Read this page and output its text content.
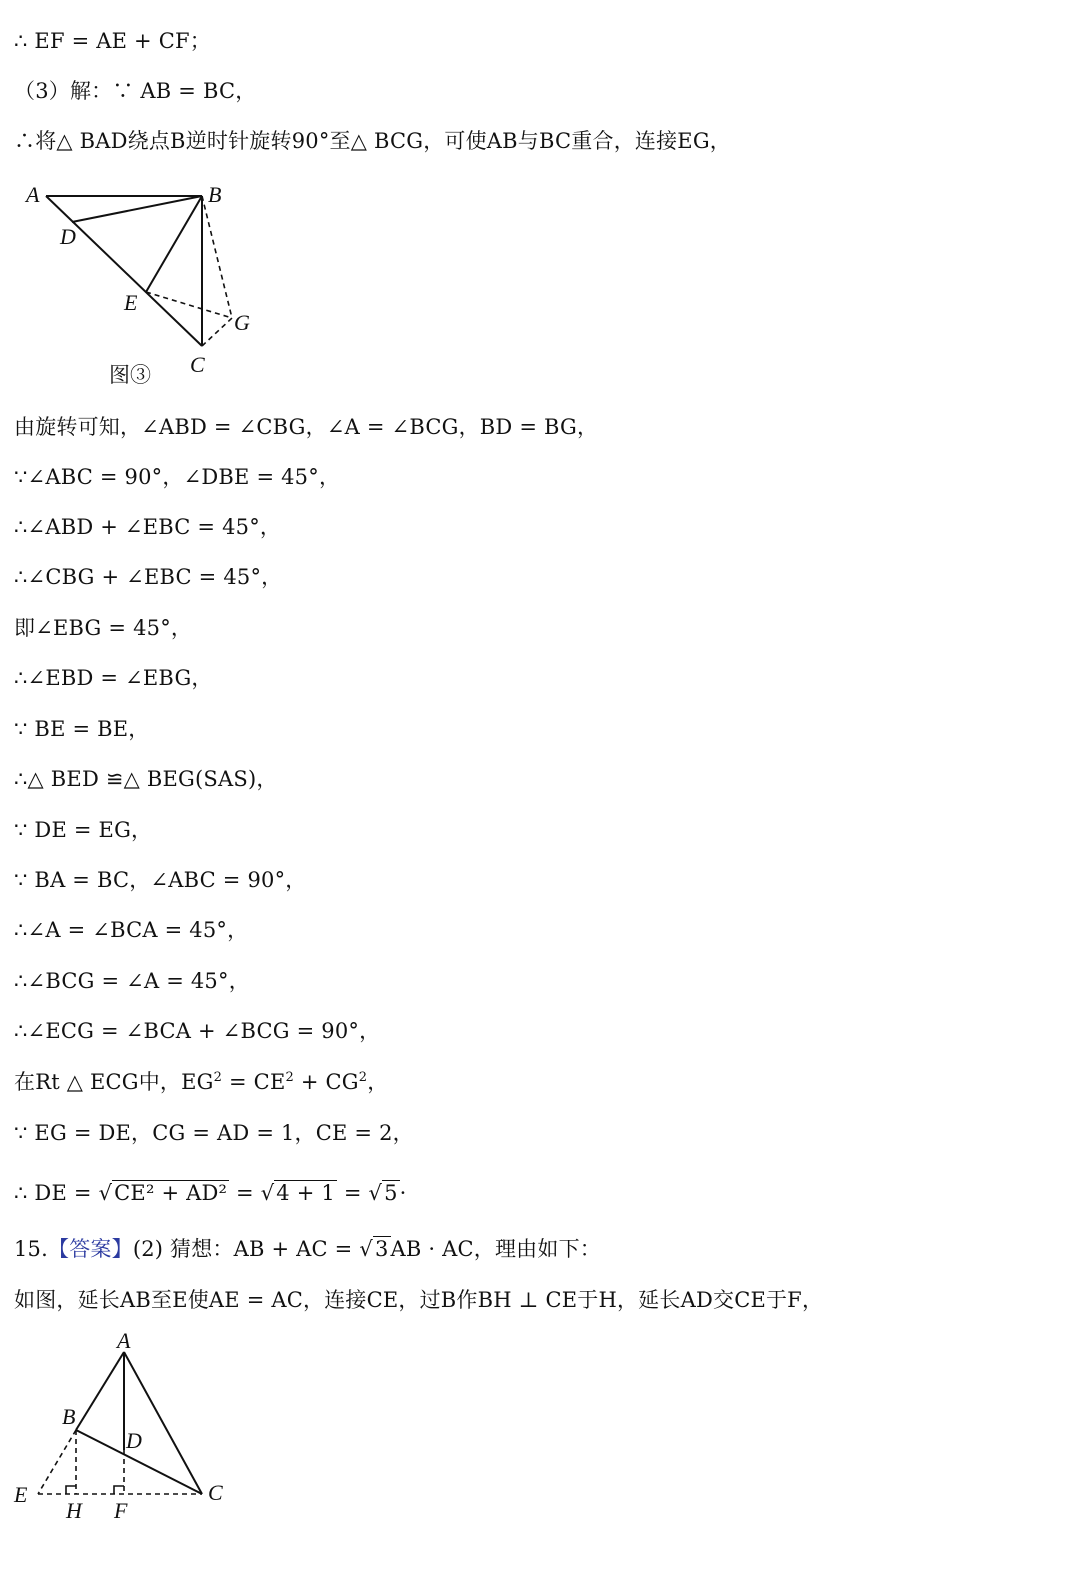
∴ EF = AE + CF；
（3）解：∵ AB = BC，
∴将△ BAD绕点B逆时针旋转90°至△ BCG，可使AB与BC重合，连接EG，
A	B
D
E
G
C
图③
由旋转可知，∠ABD = ∠CBG，∠A = ∠BCG，BD = BG，
∵∠ABC = 90°，∠DBE = 45°，
∴∠ABD + ∠EBC = 45°，
∴∠CBG + ∠EBC = 45°，
即∠EBG = 45°，
∴∠EBD = ∠EBG，
∵ BE = BE，
∴△ BED ≌△ BEG(SAS)，
∵ DE = EG，
∵ BA = BC，∠ABC = 90°，
∴∠A = ∠BCA = 45°，
∴∠BCG = ∠A = 45°，
∴∠ECG = ∠BCA + ∠BCG = 90°，
在Rt △ ECG中，$EG^2 = CE^2 + CG^2$，
∵ EG = DE，CG = AD = 1，CE = 2，
∴ DE = √CE² + AD² = √4 + 1 = √5·
15.【答案】(2) 猜想：AB + AC = √3AB · AC，理由如下：
如图，延长AB至E使AE = AC，连接CE，过B作BH ⊥ CE于H，延长AD交CE于F，
A
B
D
E
H F
C
